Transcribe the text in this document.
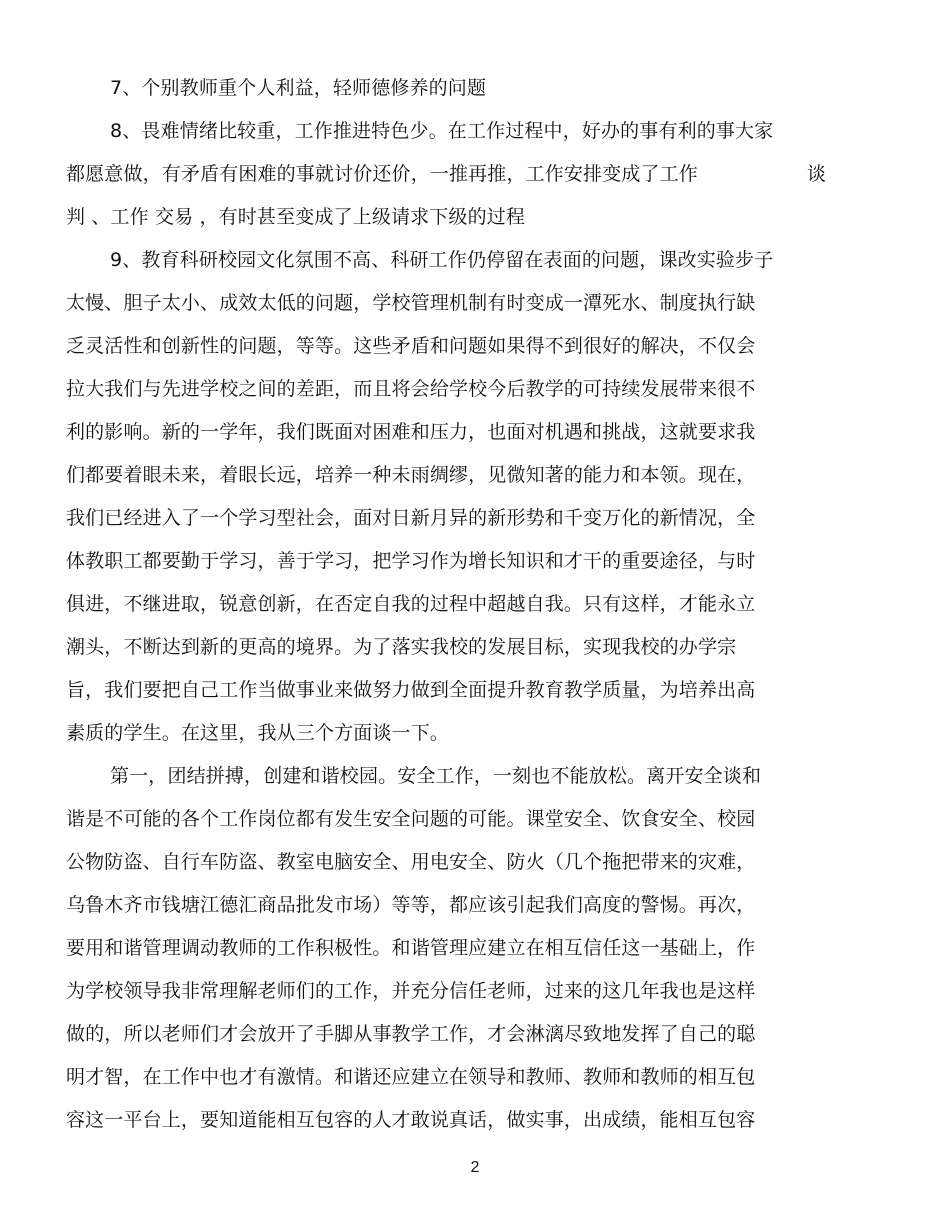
7、个别教师重个人利益，轻师德修养的问题
8、畏难情绪比较重，工作推进特色少。在工作过程中，好办的事有利的事大家
都愿意做，有矛盾有困难的事就讨价还价，一推再推，工作安排变成了工作	谈
判 、工作 交易 ，有时甚至变成了上级请求下级的过程
9、教育科研校园文化氛围不高、科研工作仍停留在表面的问题，课改实验步子
太慢、胆子太小、成效太低的问题，学校管理机制有时变成一潭死水、制度执行缺
乏灵活性和创新性的问题，等等。这些矛盾和问题如果得不到很好的解决，不仅会
拉大我们与先进学校之间的差距，而且将会给学校今后教学的可持续发展带来很不
利的影响。新的一学年，我们既面对困难和压力，也面对机遇和挑战，这就要求我
们都要着眼未来，着眼长远，培养一种未雨绸缪，见微知著的能力和本领。现在，
我们已经进入了一个学习型社会，面对日新月异的新形势和千变万化的新情况，全
体教职工都要勤于学习，善于学习，把学习作为增长知识和才干的重要途径，与时
俱进，不继进取，锐意创新，在否定自我的过程中超越自我。只有这样，才能永立
潮头，不断达到新的更高的境界。为了落实我校的发展目标，实现我校的办学宗
旨，我们要把自己工作当做事业来做努力做到全面提升教育教学质量，为培养出高
素质的学生。在这里，我从三个方面谈一下。
第一，团结拼搏，创建和谐校园。安全工作，一刻也不能放松。离开安全谈和
谐是不可能的各个工作岗位都有发生安全问题的可能。课堂安全、饮食安全、校园
公物防盗、自行车防盗、教室电脑安全、用电安全、防火（几个拖把带来的灾难，
乌鲁木齐市钱塘江德汇商品批发市场）等等，都应该引起我们高度的警惕。再次，
要用和谐管理调动教师的工作积极性。和谐管理应建立在相互信任这一基础上，作
为学校领导我非常理解老师们的工作，并充分信任老师，过来的这几年我也是这样
做的，所以老师们才会放开了手脚从事教学工作，才会淋漓尽致地发挥了自己的聪
明才智，在工作中也才有激情。和谐还应建立在领导和教师、教师和教师的相互包
容这一平台上，要知道能相互包容的人才敢说真话，做实事，出成绩，能相互包容
2
